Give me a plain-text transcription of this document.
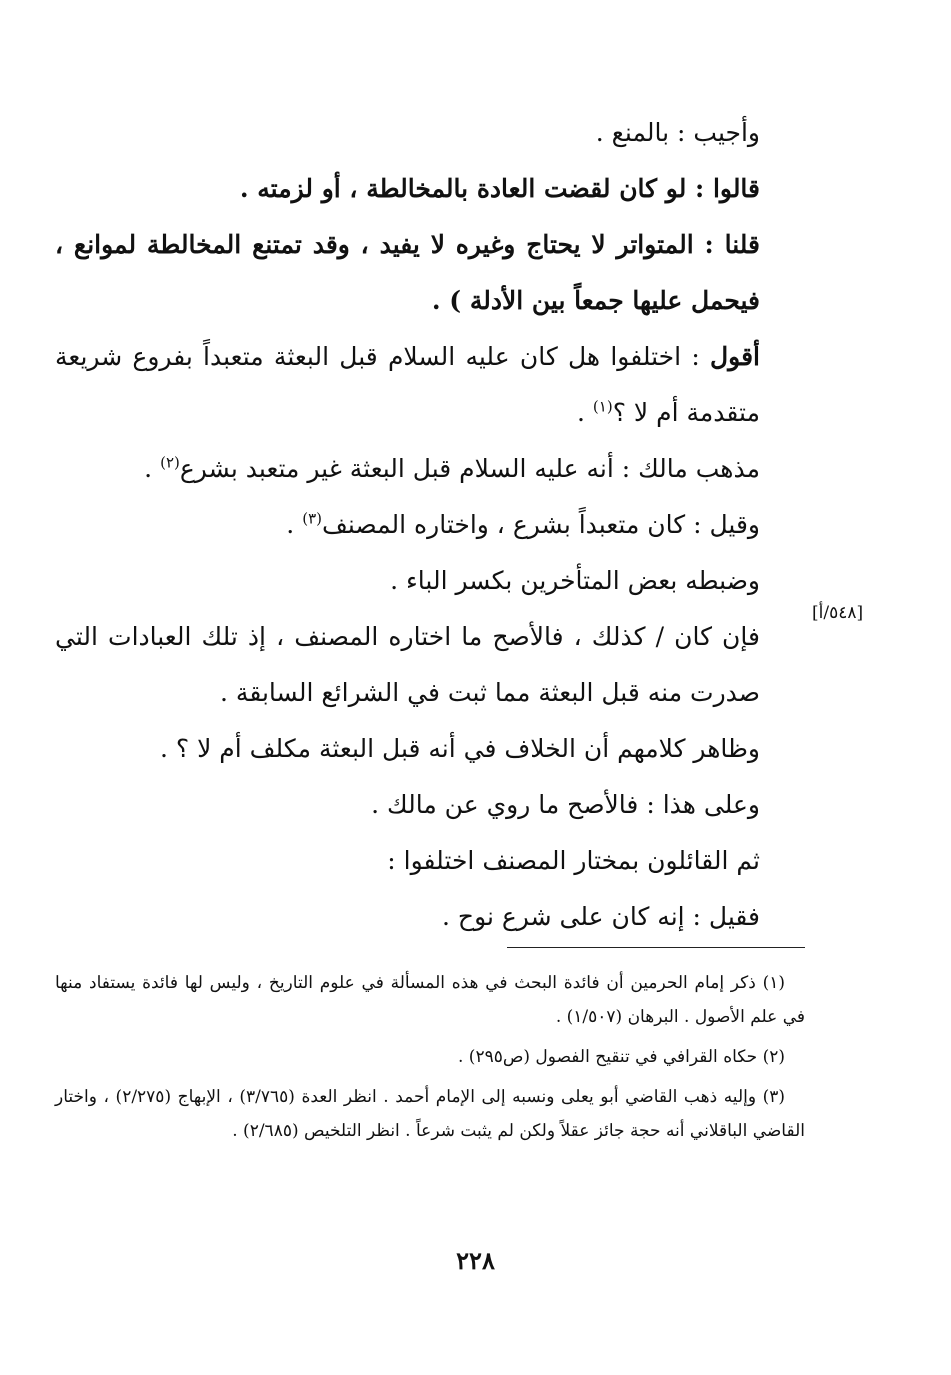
وأجيب : بالمنع .

قالوا : لو كان لقضت العادة بالمخالطة ، أو لزمته .

قلنا : المتواتر لا يحتاج وغيره لا يفيد ، وقد تمتنع المخالطة لموانع ، فيحمل عليها جمعاً بين الأدلة ) .

أقول : اختلفوا هل كان عليه السلام قبل البعثة متعبداً بفروع شريعة متقدمة أم لا ؟$^{(١)}$ .

مذهب مالك : أنه عليه السلام قبل البعثة غير متعبد بشرع$^{(٢)}$ .

وقيل : كان متعبداً بشرع ، واختاره المصنف$^{(٣)}$ .

وضبطه بعض المتأخرين بكسر الباء .

فإن كان / كذلك ، فالأصح ما اختاره المصنف ، إذ تلك العبادات التي صدرت منه قبل البعثة مما ثبت في الشرائع السابقة .

وظاهر كلامهم أن الخلاف في أنه قبل البعثة مكلف أم لا ؟ .

وعلى هذا : فالأصح ما روي عن مالك .

ثم القائلون بمختار المصنف اختلفوا :

فقيل : إنه كان على شرع نوح .

[٥٤٨/أ]

(١) ذكر إمام الحرمين أن فائدة البحث في هذه المسألة في علوم التاريخ ، وليس لها فائدة يستفاد منها في علم الأصول . البرهان (١/٥٠٧) .

(٢) حكاه القرافي في تنقيح الفصول (ص٢٩٥) .

(٣) وإليه ذهب القاضي أبو يعلى ونسبه إلى الإمام أحمد . انظر العدة (٣/٧٦٥) ، الإبهاج (٢/٢٧٥) ، واختار القاضي الباقلاني أنه حجة جائز عقلاً ولكن لم يثبت شرعاً . انظر التلخيص (٢/٦٨٥) .

٢٢٨
